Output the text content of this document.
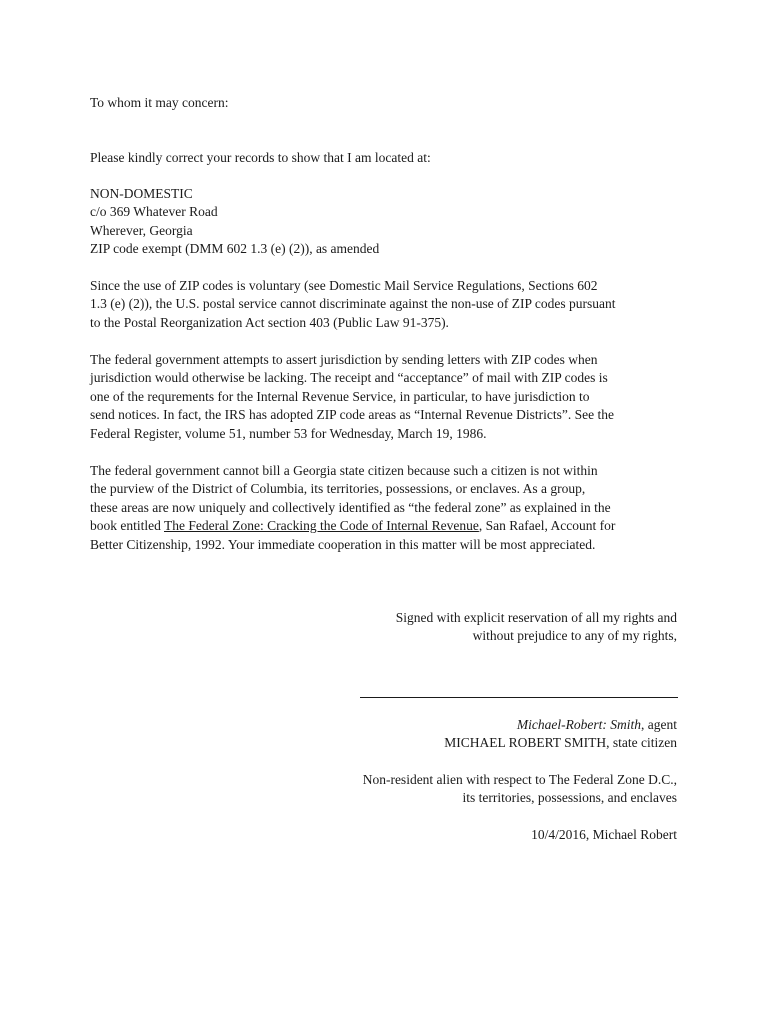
To whom it may concern:

Please kindly correct your records to show that I am located at:

NON-DOMESTIC
c/o 369 Whatever Road
Wherever, Georgia
ZIP code exempt (DMM 602 1.3 (e) (2)), as amended

Since the use of ZIP codes is voluntary (see Domestic Mail Service Regulations, Sections 602
1.3 (e) (2)), the U.S. postal service cannot discriminate against the non-use of ZIP codes pursuant
to the Postal Reorganization Act section 403 (Public Law 91-375).

The federal government attempts to assert jurisdiction by sending letters with ZIP codes when
jurisdiction would otherwise be lacking. The receipt and “acceptance” of mail with ZIP codes is
one of the requrements for the Internal Revenue Service, in particular, to have jurisdiction to
send notices. In fact, the IRS has adopted ZIP code areas as “Internal Revenue Districts”. See the
Federal Register, volume 51, number 53 for Wednesday, March 19, 1986.

The federal government cannot bill a Georgia state citizen because such a citizen is not within
the purview of the District of Columbia, its territories, possessions, or enclaves. As a group,
these areas are now uniquely and collectively identified as “the federal zone” as explained in the
book entitled The Federal Zone: Cracking the Code of Internal Revenue, San Rafael, Account for
Better Citizenship, 1992. Your immediate cooperation in this matter will be most appreciated.

Signed with explicit reservation of all my rights and
without prejudice to any of my rights,
Michael-Robert: Smith, agent
MICHAEL ROBERT SMITH, state citizen
Non-resident alien with respect to The Federal Zone D.C.,
its territories, possessions, and enclaves
10/4/2016, Michael Robert
